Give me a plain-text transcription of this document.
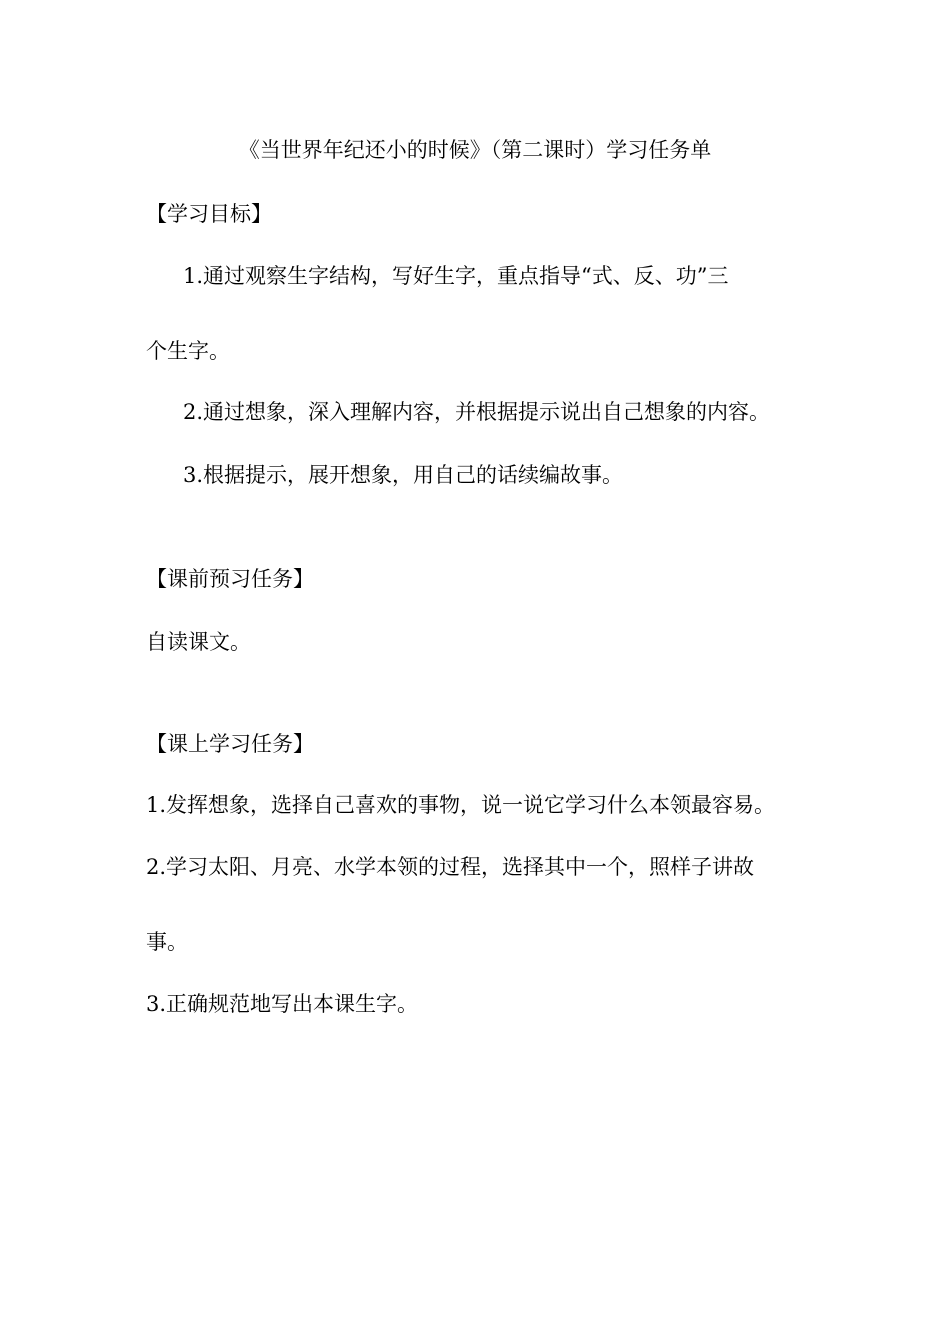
《当世界年纪还小的时候》（第二课时）学习任务单
【学习目标】
1.通过观察生字结构，写好生字，重点指导“式、反、功”三
个生字。
2.通过想象，深入理解内容，并根据提示说出自己想象的内容。
3.根据提示，展开想象，用自己的话续编故事。
【课前预习任务】
自读课文。
【课上学习任务】
1.发挥想象，选择自己喜欢的事物，说一说它学习什么本领最容易。
2.学习太阳、月亮、水学本领的过程，选择其中一个，照样子讲故
事。
3.正确规范地写出本课生字。
